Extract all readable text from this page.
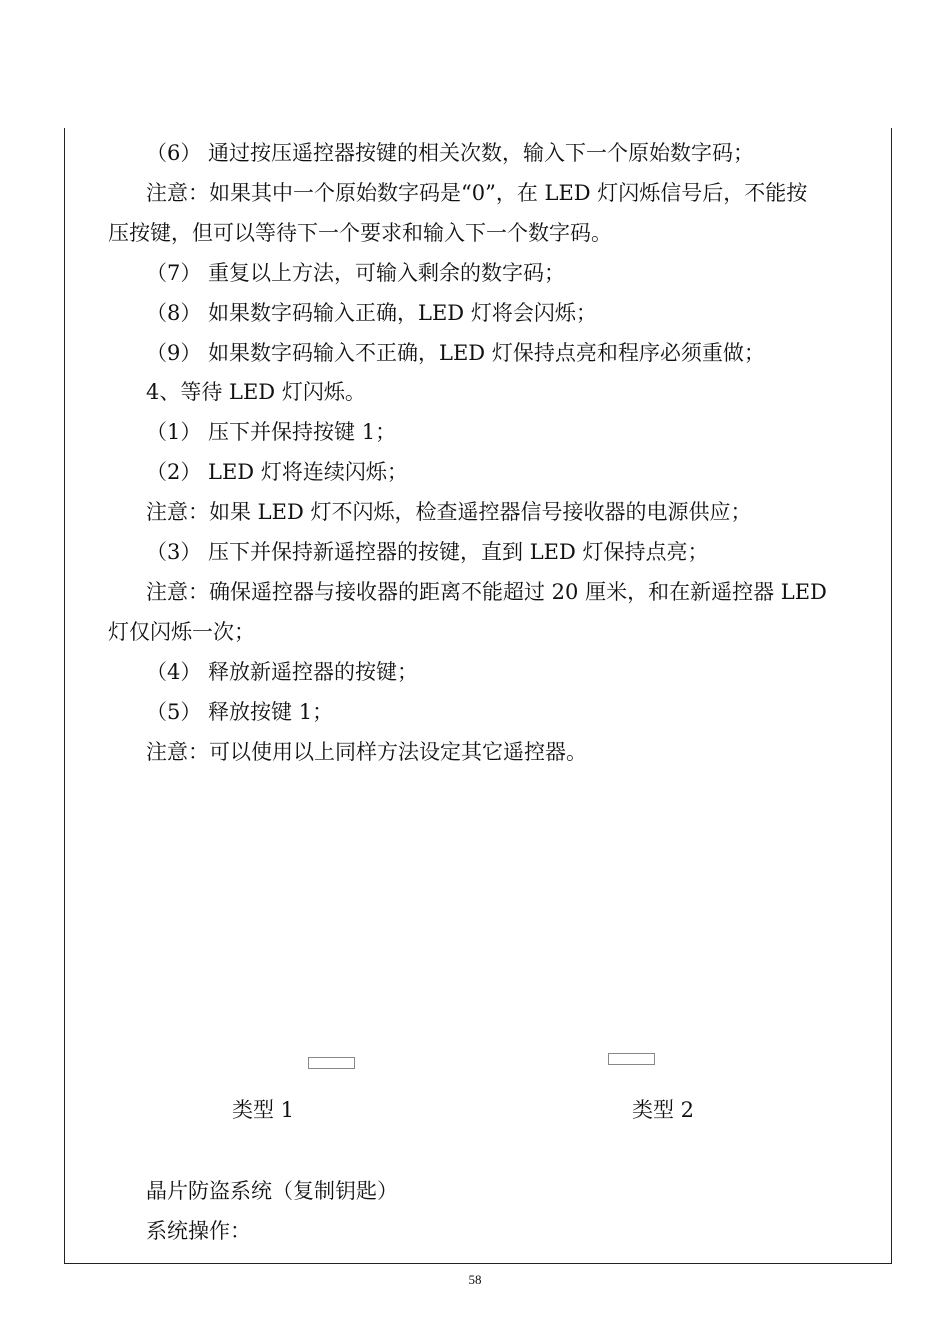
（6） 通过按压遥控器按键的相关次数，输入下一个原始数字码；
注意：如果其中一个原始数字码是“0”，在 LED 灯闪烁信号后，不能按
压按键，但可以等待下一个要求和输入下一个数字码。
（7） 重复以上方法，可输入剩余的数字码；
（8） 如果数字码输入正确，LED 灯将会闪烁；
（9） 如果数字码输入不正确，LED 灯保持点亮和程序必须重做；
4、等待 LED 灯闪烁。
（1） 压下并保持按键 1；
（2） LED 灯将连续闪烁；
注意：如果 LED 灯不闪烁，检查遥控器信号接收器的电源供应；
（3） 压下并保持新遥控器的按键，直到 LED 灯保持点亮；
注意：确保遥控器与接收器的距离不能超过 20 厘米，和在新遥控器 LED
灯仅闪烁一次；
（4） 释放新遥控器的按键；
（5） 释放按键 1；
注意：可以使用以上同样方法设定其它遥控器。
类型 1	类型 2
晶片防盗系统（复制钥匙）
系统操作：
58
